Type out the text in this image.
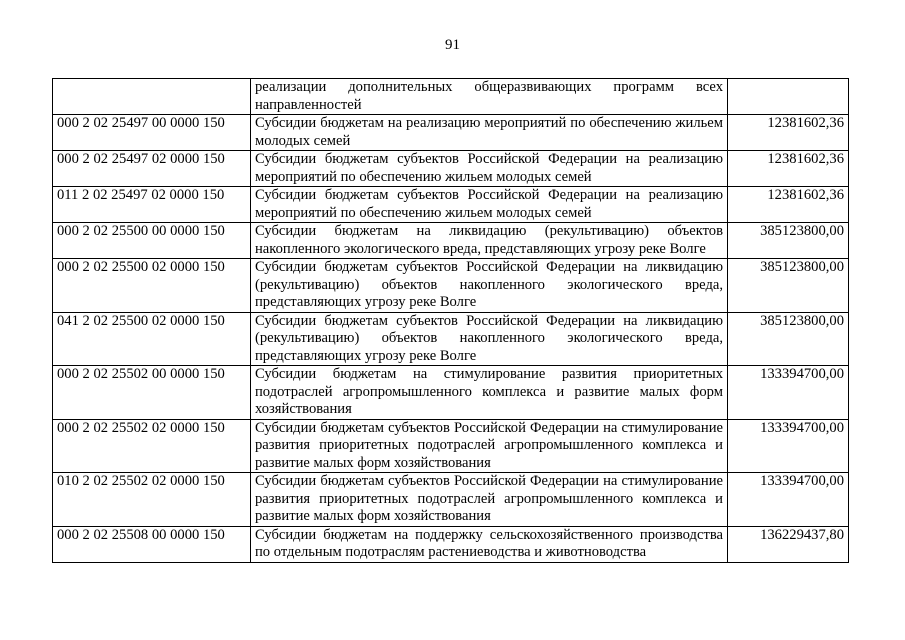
91
	реализации дополнительных общеразвивающих программ всех направленностей	
000 2 02 25497 00 0000 150	Субсидии бюджетам на реализацию мероприятий по обеспечению жильем молодых семей	12381602,36
000 2 02 25497 02 0000 150	Субсидии бюджетам субъектов Российской Федерации на реализацию мероприятий по обеспечению жильем молодых семей	12381602,36
011 2 02 25497 02 0000 150	Субсидии бюджетам субъектов Российской Федерации на реализацию мероприятий по обеспечению жильем молодых семей	12381602,36
000 2 02 25500 00 0000 150	Субсидии бюджетам на ликвидацию (рекультивацию) объектов накопленного экологического вреда, представляющих угрозу реке Волге	385123800,00
000 2 02 25500 02 0000 150	Субсидии бюджетам субъектов Российской Федерации на ликвидацию (рекультивацию) объектов накопленного экологического вреда, представляющих угрозу реке Волге	385123800,00
041 2 02 25500 02 0000 150	Субсидии бюджетам субъектов Российской Федерации на ликвидацию (рекультивацию) объектов накопленного экологического вреда, представляющих угрозу реке Волге	385123800,00
000 2 02 25502 00 0000 150	Субсидии бюджетам на стимулирование развития приоритетных подотраслей агропромышленного комплекса и развитие малых форм хозяйствования	133394700,00
000 2 02 25502 02 0000 150	Субсидии бюджетам субъектов Российской Федерации на стимулирование развития приоритетных подотраслей агропромышленного комплекса и развитие малых форм хозяйствования	133394700,00
010 2 02 25502 02 0000 150	Субсидии бюджетам субъектов Российской Федерации на стимулирование развития приоритетных подотраслей агропромышленного комплекса и развитие малых форм хозяйствования	133394700,00
000 2 02 25508 00 0000 150	Субсидии бюджетам на поддержку сельскохозяйственного производства по отдельным подотраслям растениеводства и животноводства	136229437,80
